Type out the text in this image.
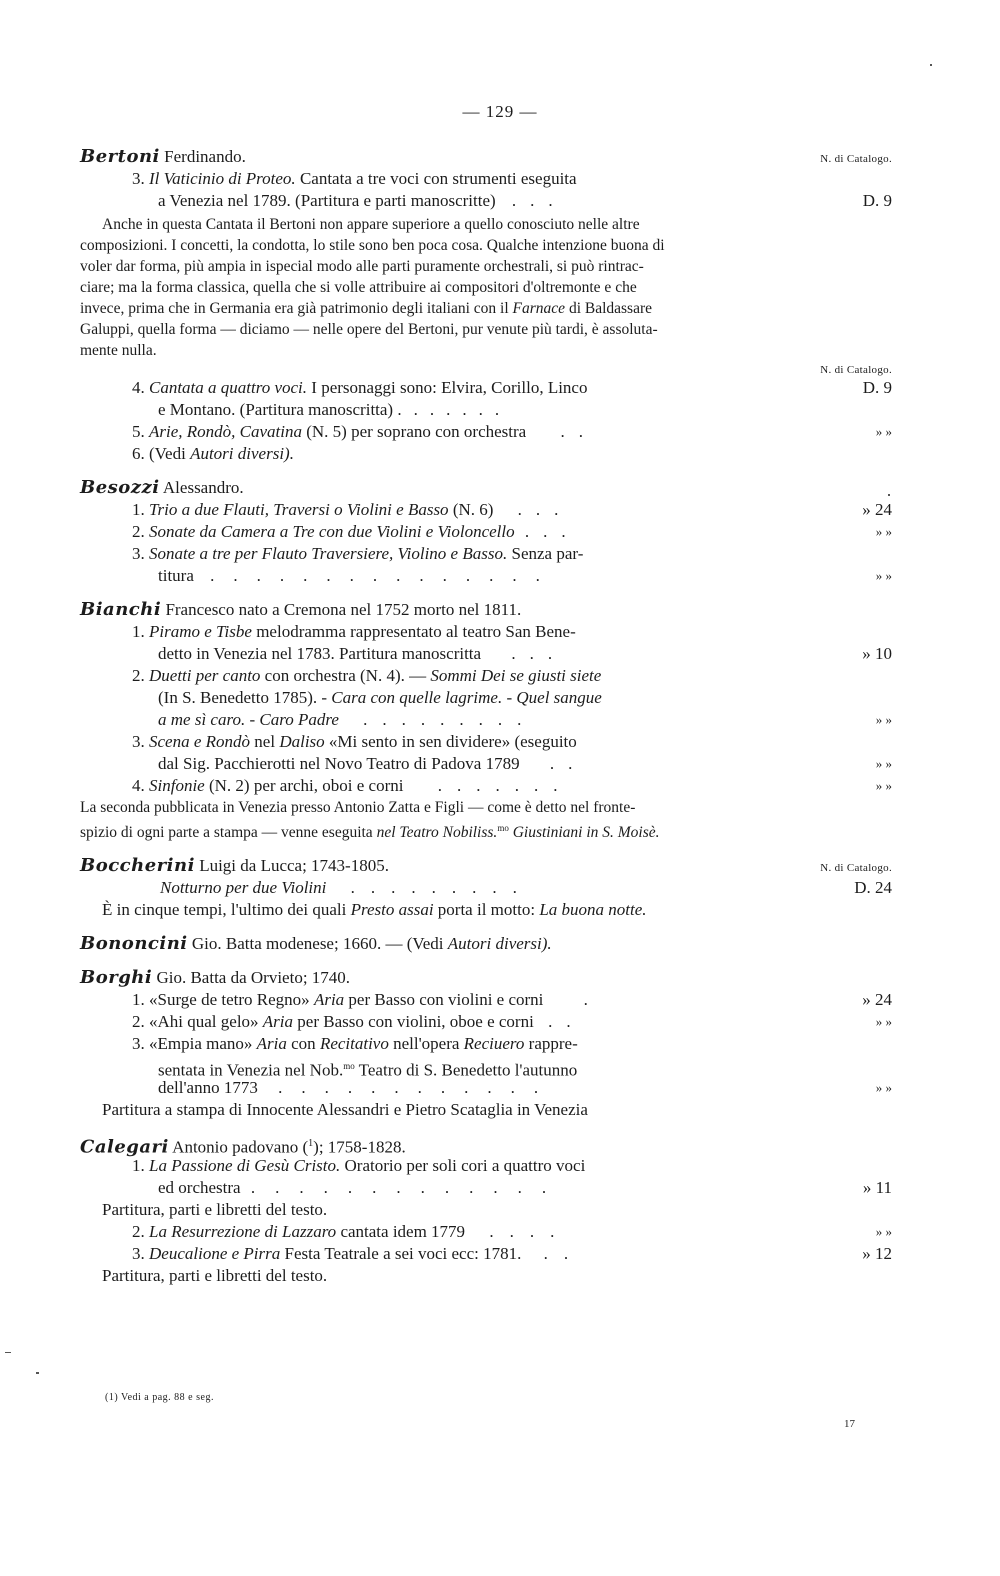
— 129 —
Bertoni Ferdinando.	N. di Catalogo.
3. Il Vaticinio di Proteo. Cantata a tre voci con strumenti eseguita
a Venezia nel 1789. (Partitura e parti manoscritte) ...	D. 9
Anche in questa Cantata il Bertoni non appare superiore a quello conosciuto nelle altre
composizioni. I concetti, la condotta, lo stile sono ben poca cosa. Qualche intenzione buona di
voler dar forma, più ampia in ispecial modo alle parti puramente orchestrali, si può rintrac-
ciare; ma la forma classica, quella che si volle attribuire ai compositori d'oltremonte e che
invece, prima che in Germania era già patrimonio degli italiani con il Farnace di Baldassare
Galuppi, quella forma — diciamo — nelle opere del Bertoni, pur venute più tardi, è assoluta-
mente nulla.
N. di Catalogo.
4. Cantata a quattro voci. I personaggi sono: Elvira, Corillo, Linco	D. 9
e Montano. (Partitura manoscritta) .......
5. Arie, Rondò, Cavatina (N. 5) per soprano con orchestra ..	» »
6. (Vedi Autori diversi).
Besozzi Alessandro.
1. Trio a due Flauti, Traversi o Violini e Basso (N. 6) ...	» 24
2. Sonate da Camera a Tre con due Violini e Violoncello ...	» »
3. Sonate a tre per Flauto Traversiere, Violino e Basso. Senza par-
titura ...............	» »
Bianchi Francesco nato a Cremona nel 1752 morto nel 1811.
1. Piramo e Tisbe melodramma rappresentato al teatro San Bene-
detto in Venezia nel 1783. Partitura manoscritta ...	» 10
2. Duetti per canto con orchestra (N. 4). — Sommi Dei se giusti siete
(In S. Benedetto 1785). - Cara con quelle lagrime. - Quel sangue
a me sì caro. - Caro Padre .........	» »
3. Scena e Rondò nel Daliso «Mi sento in sen dividere» (eseguito
dal Sig. Pacchierotti nel Novo Teatro di Padova 1789 ..	» »
4. Sinfonie (N. 2) per archi, oboi e corni .......	» »
La seconda pubblicata in Venezia presso Antonio Zatta e Figli — come è detto nel fronte-
spizio di ogni parte a stampa — venne eseguita nel Teatro Nobiliss.$^{mo}$ Giustiniani in S. Moisè.
Boccherini Luigi da Lucca; 1743-1805.	N. di Catalogo.
Notturno per due Violini .........	D. 24
È in cinque tempi, l'ultimo dei quali Presto assai porta il motto: La buona notte.
Bononcini Gio. Batta modenese; 1660. — (Vedi Autori diversi).
Borghi Gio. Batta da Orvieto; 1740.
1. «Surge de tetro Regno» Aria per Basso con violini e corni .	» 24
2. «Ahi qual gelo» Aria per Basso con violini, oboe e corni ..	» »
3. «Empia mano» Aria con Recitativo nell'opera Reciuero rappre-
sentata in Venezia nel Nob.$^{mo}$ Teatro di S. Benedetto l'autunno
dell'anno 1773 ............	» »
Partitura a stampa di Innocente Alessandri e Pietro Scataglia in Venezia
Calegari Antonio padovano ($^1$); 1758-1828.
1. La Passione di Gesù Cristo. Oratorio per soli cori a quattro voci
ed orchestra .............	» 11
Partitura, parti e libretti del testo.
2. La Resurrezione di Lazzaro cantata idem 1779 ....	» »
3. Deucalione e Pirra Festa Teatrale a sei voci ecc: 1781. ..	» 12
Partitura, parti e libretti del testo.
(1) Vedi a pag. 88 e seg.
17
